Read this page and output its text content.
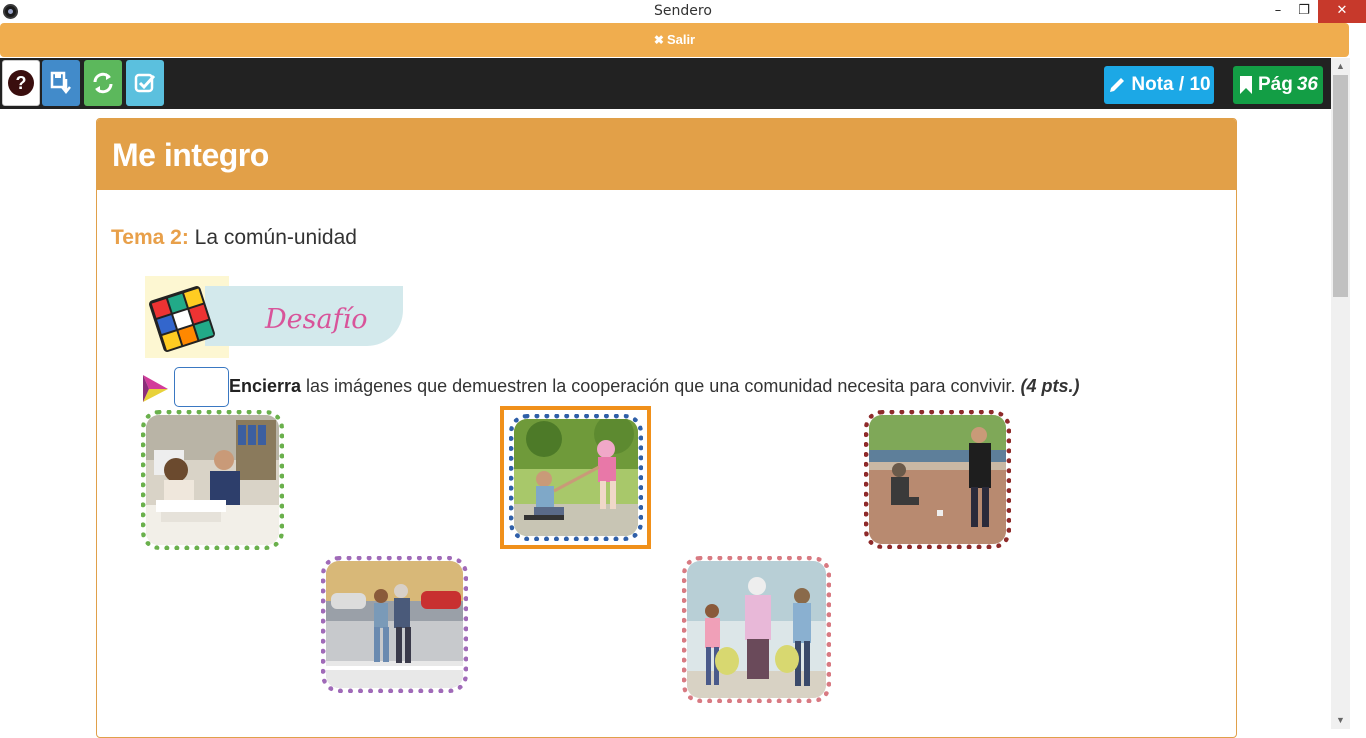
Sendero	–	❐	✕
✖ Salir
?	Nota / 10 Pág 36
▲
▼
Me integro
Tema 2: La común-unidad
Desafío
Encierra las imágenes que demuestren la cooperación que una comunidad necesita para convivir. (4 pts.)
